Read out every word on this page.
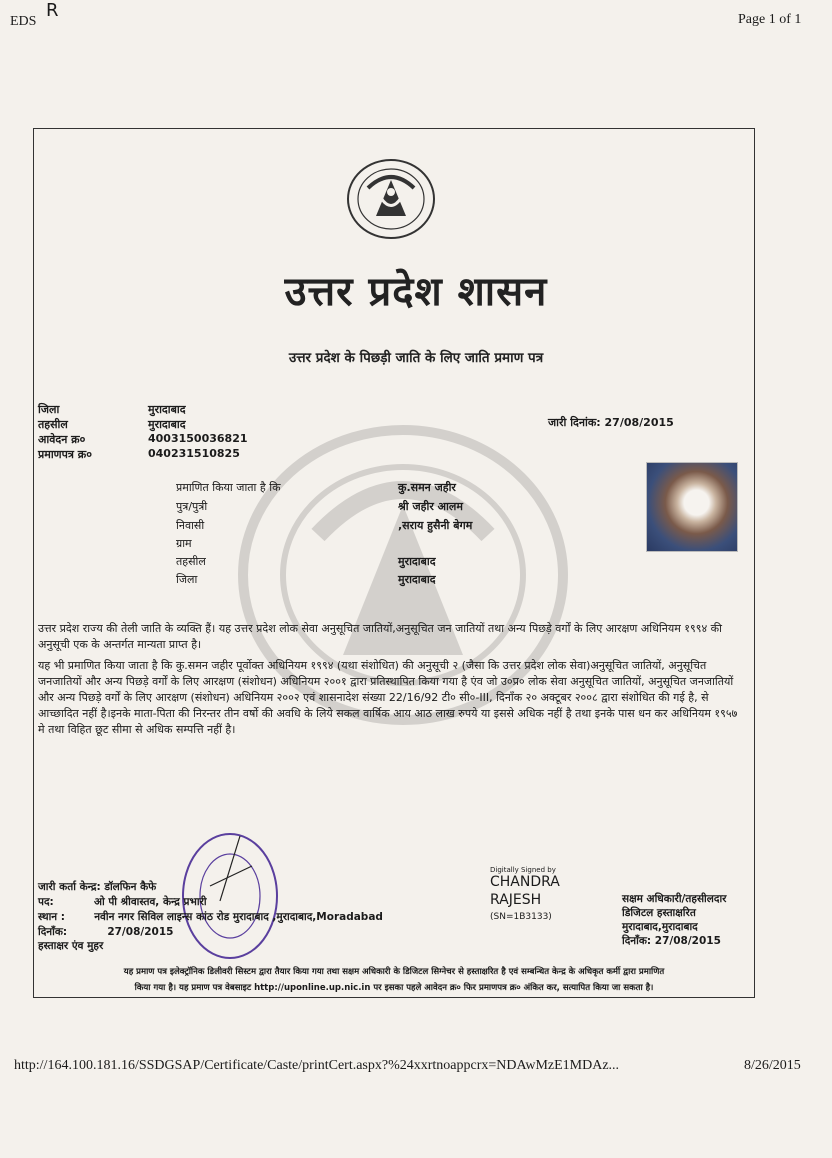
EDS
R	Page 1 of 1
उत्तर प्रदेश शासन
उत्तर प्रदेश के पिछड़ी जाति के लिए जाति प्रमाण पत्र
जिला	मुरादाबाद
तहसील	मुरादाबाद
आवेदन क्र०	4003150036821
प्रमाणपत्र क्र०	040231510825
जारी दिनांक: 27/08/2015
प्रमाणित किया जाता है कि	कु.समन जहीर
पुत्र/पुत्री	श्री जहीर आलम
निवासी	,सराय हुसैनी बेगम
ग्राम
तहसील	मुरादाबाद
जिला	मुरादाबाद
उत्तर प्रदेश राज्य की तेली जाति के व्यक्ति हैं। यह उत्तर प्रदेश लोक सेवा अनुसूचित जातियों,अनुसूचित जन जातियों तथा अन्य पिछड़े वर्गों के लिए आरक्षण अधिनियम १९९४ की अनुसूची एक के अन्तर्गत मान्यता प्राप्त है।
यह भी प्रमाणित किया जाता है कि कु.समन जहीर पूर्वोक्त अधिनियम १९९४ (यथा संशोधित) की अनुसूची २ (जैसा कि उत्तर प्रदेश लोक सेवा)अनुसूचित जातियों, अनुसूचित जनजातियों और अन्य पिछड़े वर्गों के लिए आरक्षण (संशोधन) अधिनियम २००१ द्वारा प्रतिस्थापित किया गया है एंव जो उ०प्र० लोक सेवा अनुसूचित जातियों, अनुसूचित जनजातियों और अन्य पिछड़े वर्गों के लिए आरक्षण (संशोधन) अधिनियम २००२ एवं शासनादेश संख्या 22/16/92 टी० सी०-III, दिनाँक २० अक्टूबर २००८ द्वारा संशोधित की गई है, से आच्छादित नहीं है।इनके माता-पिता की निरन्तर तीन वर्षो की अवधि के लिये सकल वार्षिक आय आठ लाख रुपये या इससे अधिक नहीं है तथा इनके पास धन कर अधिनियम १९५७ मे तथा विहित छूट सीमा से अधिक सम्पत्ति नहीं है।
जारी कर्ता केन्द्र: डॉलफिन कैफे
पद:           ओ पी श्रीवास्तव, केन्द्र प्रभारी
स्थान :        नवीन नगर सिविल लाइन्स कांठ रोड मुरादाबाद ,मुरादाबाद,Moradabad
दिनाँक:           27/08/2015
हस्ताक्षर एंव मुहर
Digitally Signed by
CHANDRA
RAJESH
(SN=1B3133)
सक्षम अधिकारी/तहसीलदार
डिजिटल हस्ताक्षरित
मुरादाबाद,मुरादाबाद
दिनाँक: 27/08/2015
यह प्रमाण पत्र इलेक्ट्रॉनिक डिलीवरी सिस्टम द्वारा तैयार किया गया तथा सक्षम अधिकारी के डिजिटल सिग्नेचर से हस्ताक्षरित है एवं सम्बन्धित केन्द्र के अधिकृत कर्मी द्वारा प्रमाणित
किया गया है। यह प्रमाण पत्र वेबसाइट http://uponline.up.nic.in पर इसका पहले आवेदन क्र० फिर प्रमाणपत्र क्र० अंकित कर, सत्यापित किया जा सकता है।
http://164.100.181.16/SSDGSAP/Certificate/Caste/printCert.aspx?%24xxrtnoappcrx=NDAwMzE1MDAz...	8/26/2015
